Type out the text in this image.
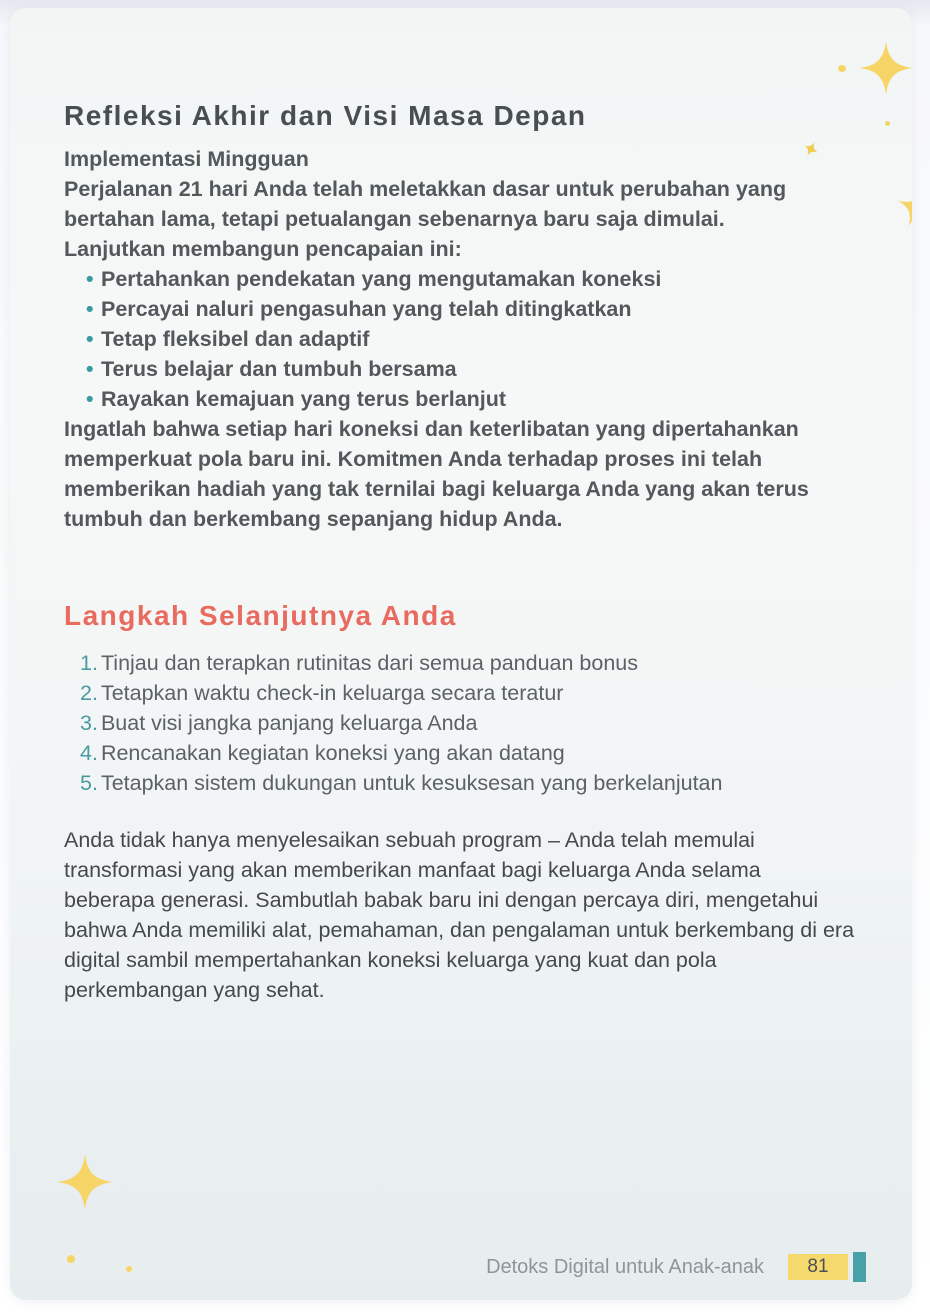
Refleksi Akhir dan Visi Masa Depan

Implementasi Mingguan

Perjalanan 21 hari Anda telah meletakkan dasar untuk perubahan yang bertahan lama, tetapi petualangan sebenarnya baru saja dimulai.

Lanjutkan membangun pencapaian ini:

• Pertahankan pendekatan yang mengutamakan koneksi
• Percayai naluri pengasuhan yang telah ditingkatkan
• Tetap fleksibel dan adaptif
• Terus belajar dan tumbuh bersama
• Rayakan kemajuan yang terus berlanjut

Ingatlah bahwa setiap hari koneksi dan keterlibatan yang dipertahankan memperkuat pola baru ini. Komitmen Anda terhadap proses ini telah memberikan hadiah yang tak ternilai bagi keluarga Anda yang akan terus tumbuh dan berkembang sepanjang hidup Anda.

Langkah Selanjutnya Anda
Tinjau dan terapkan rutinitas dari semua panduan bonus
Tetapkan waktu check-in keluarga secara teratur
Buat visi jangka panjang keluarga Anda
Rencanakan kegiatan koneksi yang akan datang
Tetapkan sistem dukungan untuk kesuksesan yang berkelanjutan

Anda tidak hanya menyelesaikan sebuah program – Anda telah memulai transformasi yang akan memberikan manfaat bagi keluarga Anda selama beberapa generasi. Sambutlah babak baru ini dengan percaya diri, mengetahui bahwa Anda memiliki alat, pemahaman, dan pengalaman untuk berkembang di era digital sambil mempertahankan koneksi keluarga yang kuat dan pola perkembangan yang sehat.

Detoks Digital untuk Anak-anak	81
